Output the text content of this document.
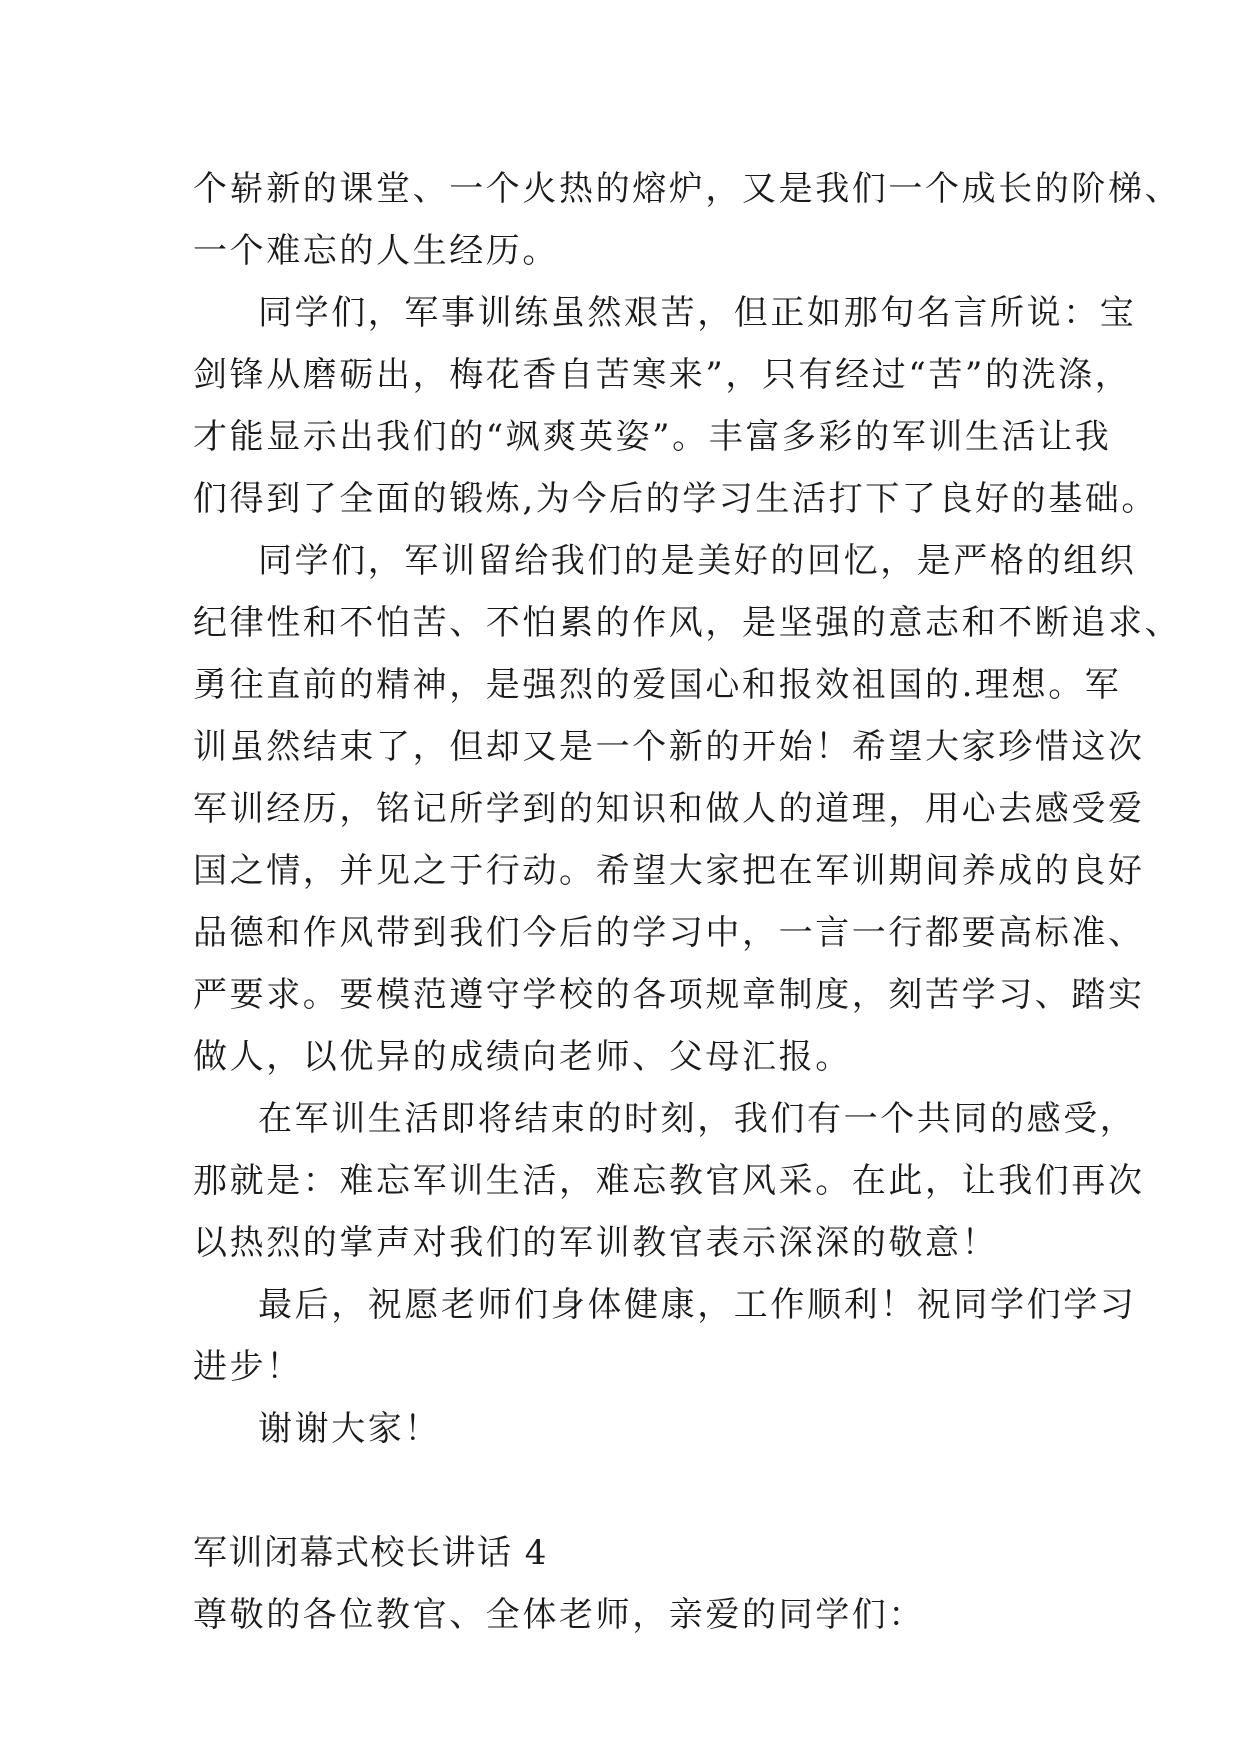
个崭新的课堂、一个火热的熔炉，又是我们一个成长的阶梯、
一个难忘的人生经历。
同学们，军事训练虽然艰苦，但正如那句名言所说：宝
剑锋从磨砺出，梅花香自苦寒来”，只有经过“苦”的洗涤，
才能显示出我们的“飒爽英姿”。丰富多彩的军训生活让我
们得到了全面的锻炼,为今后的学习生活打下了良好的基础。
同学们，军训留给我们的是美好的回忆，是严格的组织
纪律性和不怕苦、不怕累的作风，是坚强的意志和不断追求、
勇往直前的精神，是强烈的爱国心和报效祖国的.理想。军
训虽然结束了，但却又是一个新的开始！希望大家珍惜这次
军训经历，铭记所学到的知识和做人的道理，用心去感受爱
国之情，并见之于行动。希望大家把在军训期间养成的良好
品德和作风带到我们今后的学习中，一言一行都要高标准、
严要求。要模范遵守学校的各项规章制度，刻苦学习、踏实
做人，以优异的成绩向老师、父母汇报。
在军训生活即将结束的时刻，我们有一个共同的感受，
那就是：难忘军训生活，难忘教官风采。在此，让我们再次
以热烈的掌声对我们的军训教官表示深深的敬意！
最后，祝愿老师们身体健康，工作顺利！祝同学们学习
进步！
谢谢大家！
军训闭幕式校长讲话 4
尊敬的各位教官、全体老师，亲爱的同学们：
